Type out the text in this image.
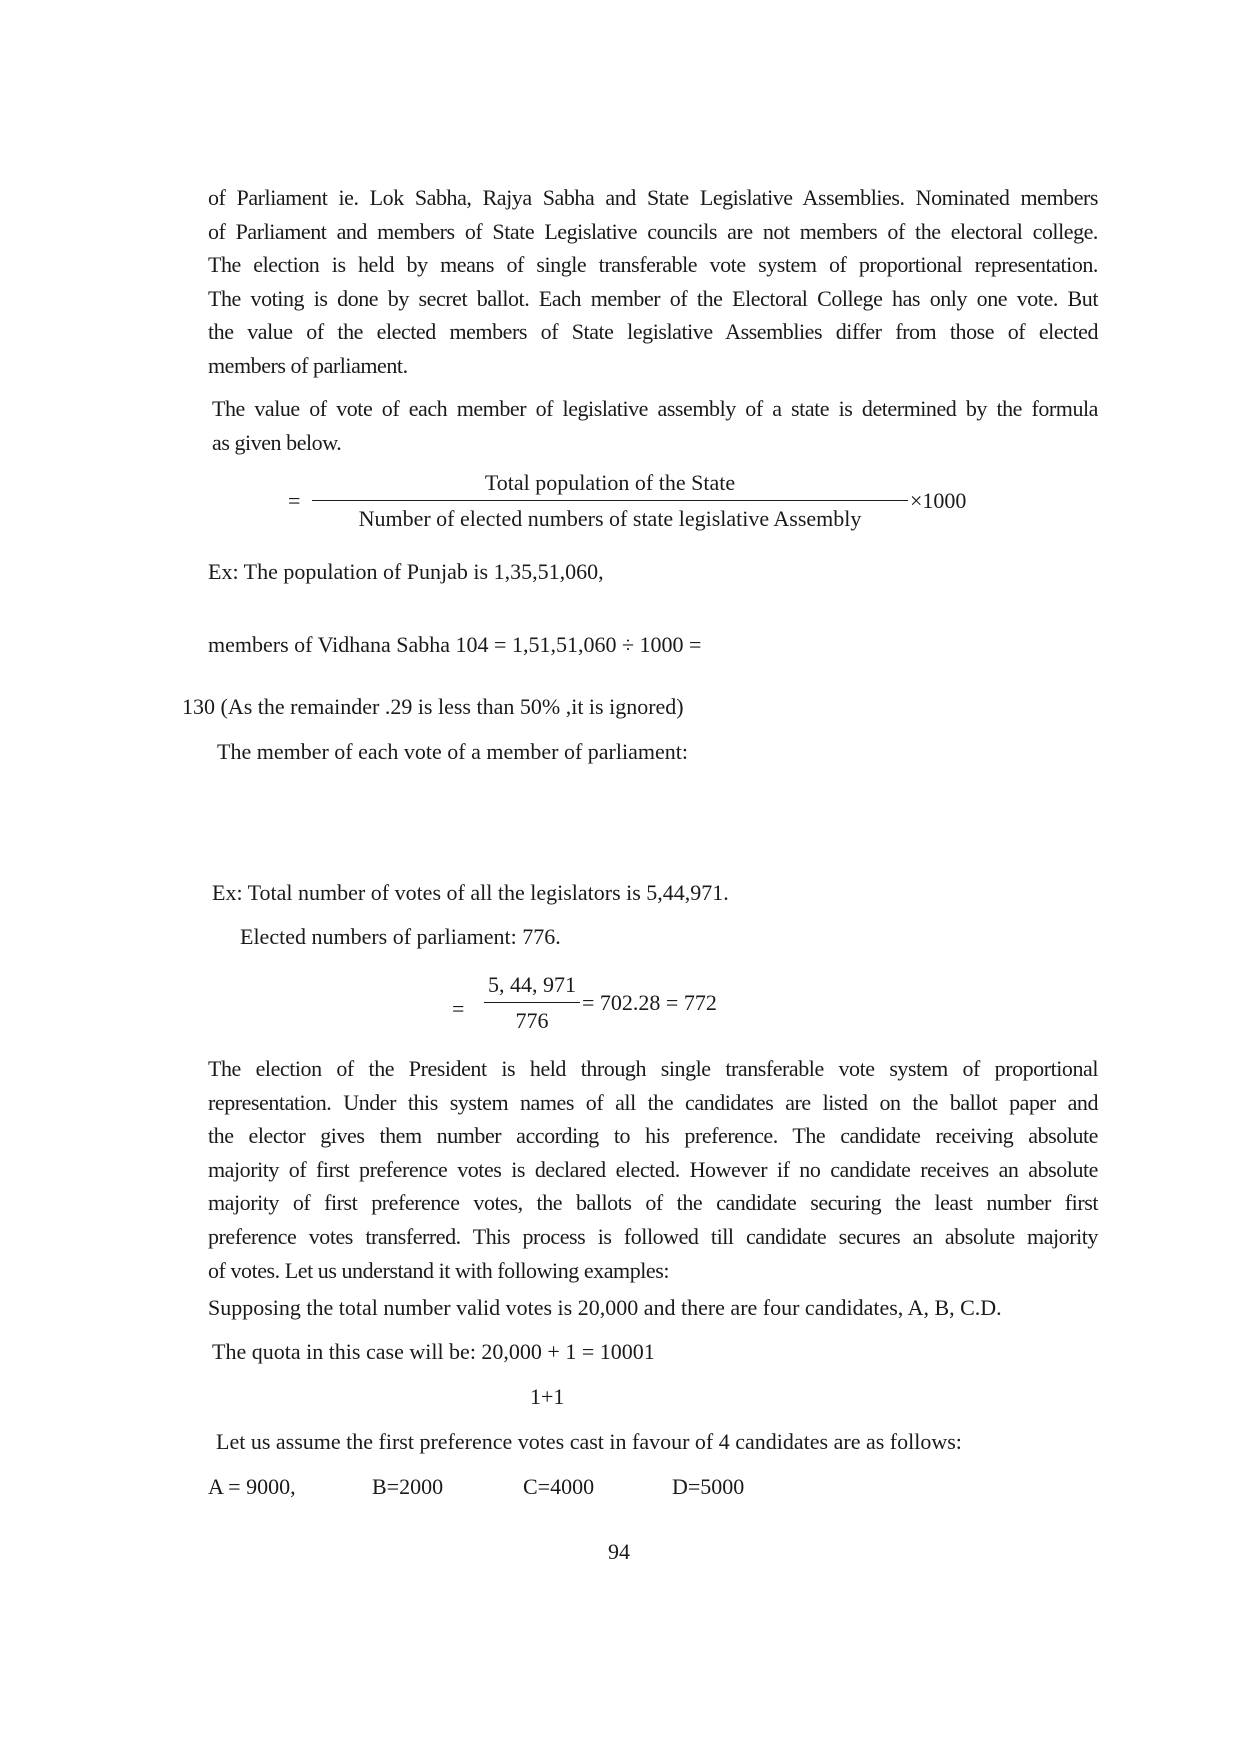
of Parliament ie. Lok Sabha, Rajya Sabha and State Legislative Assemblies. Nominated members
of Parliament and members of State Legislative councils are not members of the electoral college.
The election is held by means of single transferable vote system of proportional representation.
The voting is done by secret ballot. Each member of the Electoral College has only one vote. But
the value of the elected members of State legislative Assemblies differ from those of elected
members of parliament.
The value of vote of each member of legislative assembly of a state is determined by the formula
as given below.
=
Total population of the State
Number of elected numbers of state legislative Assembly
×1000
Ex: The population of Punjab is 1,35,51,060,
members of Vidhana Sabha 104 = 1,51,51,060 ÷ 1000 =
130 (As the remainder .29 is less than 50% ,it is ignored)
The member of each vote of a member of parliament:
Ex: Total number of votes of all the legislators is 5,44,971.
Elected numbers of parliament: 776.
=
5, 44, 971
776
= 702.28 = 772
The election of the President is held through single transferable vote system of proportional
representation. Under this system names of all the candidates are listed on the ballot paper and
the elector gives them number according to his preference. The candidate receiving absolute
majority of first preference votes is declared elected. However if no candidate receives an absolute
majority of first preference votes, the ballots of the candidate securing the least number first
preference votes transferred. This process is followed till candidate secures an absolute majority
of votes. Let us understand it with following examples:
Supposing the total number valid votes is 20,000 and there are four candidates, A, B, C.D.
The quota in this case will be: 20,000 + 1 = 10001
1+1
Let us assume the first preference votes cast in favour of 4 candidates are as follows:
A = 9000,	B=2000	C=4000	D=5000
94
